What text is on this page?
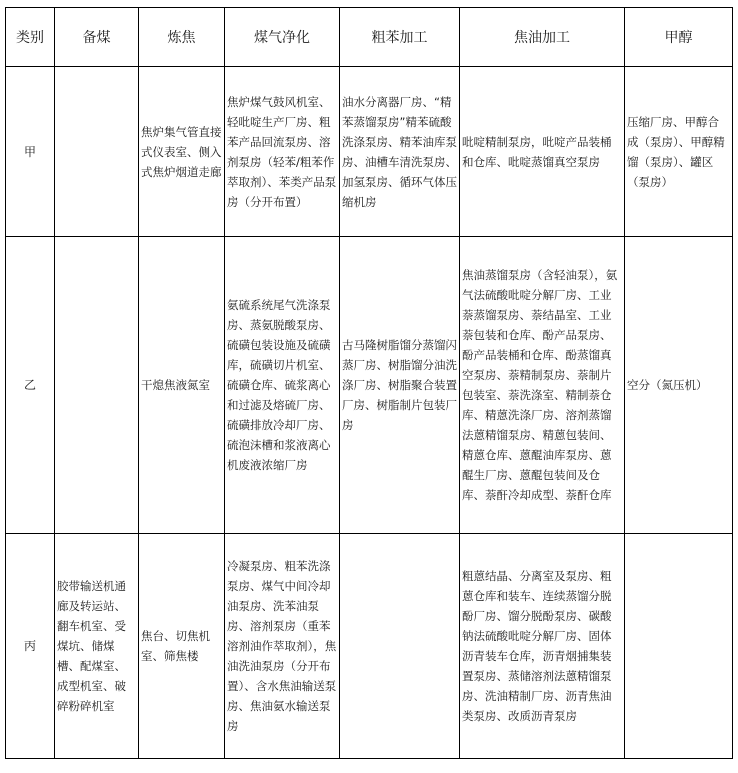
类别	备煤	炼焦	煤气净化	粗苯加工	焦油加工	甲醇
甲		焦炉集气管直接式仪表室、侧入式焦炉烟道走廊	焦炉煤气鼓风机室、轻吡啶生产厂房、粗苯产品回流泵房、溶剂泵房（轻苯/粗苯作萃取剂）、苯类产品泵房（分开布置）	油水分离器厂房、“精苯蒸馏泵房”精苯硫酸洗涤泵房、精苯油库泵房、油槽车清洗泵房、加氢泵房、循环气体压缩机房	吡啶精制泵房，吡啶产品装桶和仓库、吡啶蒸馏真空泵房	压缩厂房、甲醇合成（泵房）、甲醇精馏（泵房）、罐区（泵房）
乙		干熄焦液氮室	氨硫系统尾气洗涤泵房、蒸氨脱酸泵房、硫磺包装设施及硫磺库，硫磺切片机室、硫磺仓库、硫浆离心和过滤及熔硫厂房、硫磺排放冷却厂房、硫泡沫槽和浆液离心机废液浓缩厂房	古马隆树脂馏分蒸馏闪蒸厂房、树脂馏分油洗涤厂房、树脂聚合装置厂房、树脂制片包装厂房	焦油蒸馏泵房（含轻油泵），氨气法硫酸吡啶分解厂房、工业萘蒸馏泵房、萘结晶室、工业萘包装和仓库、酚产品泵房、酚产品装桶和仓库、酚蒸馏真空泵房、萘精制泵房、萘制片包装室、萘洗涤室、精制萘仓库、精蒽洗涤厂房、溶剂蒸馏法蒽精馏泵房、精蒽包装间、精蒽仓库、蒽醌油库泵房、蒽醌生厂房、蒽醌包装间及仓库、萘酐冷却成型、萘酐仓库	空分（氮压机）
丙	胶带输送机通廊及转运站、翻车机室、受煤坑、储煤槽、配煤室、成型机室、破碎粉碎机室	焦台、切焦机室、筛焦楼	冷凝泵房、粗苯洗涤泵房、煤气中间冷却油泵房、洗苯油泵房、溶剂泵房（重苯溶剂油作萃取剂），焦油洗油泵房（分开布置）、含水焦油输送泵房、焦油氨水输送泵房		粗蒽结晶、分离室及泵房、粗蒽仓库和装车、连续蒸馏分脱酚厂房、馏分脱酚泵房、碳酸钠法硫酸吡啶分解厂房、固体沥青装车仓库，沥青烟捕集装置泵房、蒸储溶剂法蒽精馏泵房、洗油精制厂房、沥青焦油类泵房、改质沥青泵房	
